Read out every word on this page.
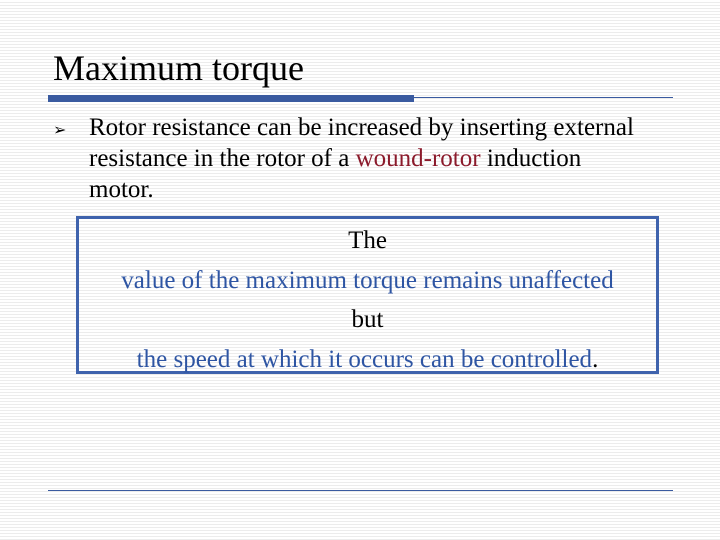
Maximum torque
➢ Rotor resistance can be increased by inserting external resistance in the rotor of a wound-rotor induction motor.
The
value of the maximum torque remains unaffected
but
the speed at which it occurs can be controlled.
